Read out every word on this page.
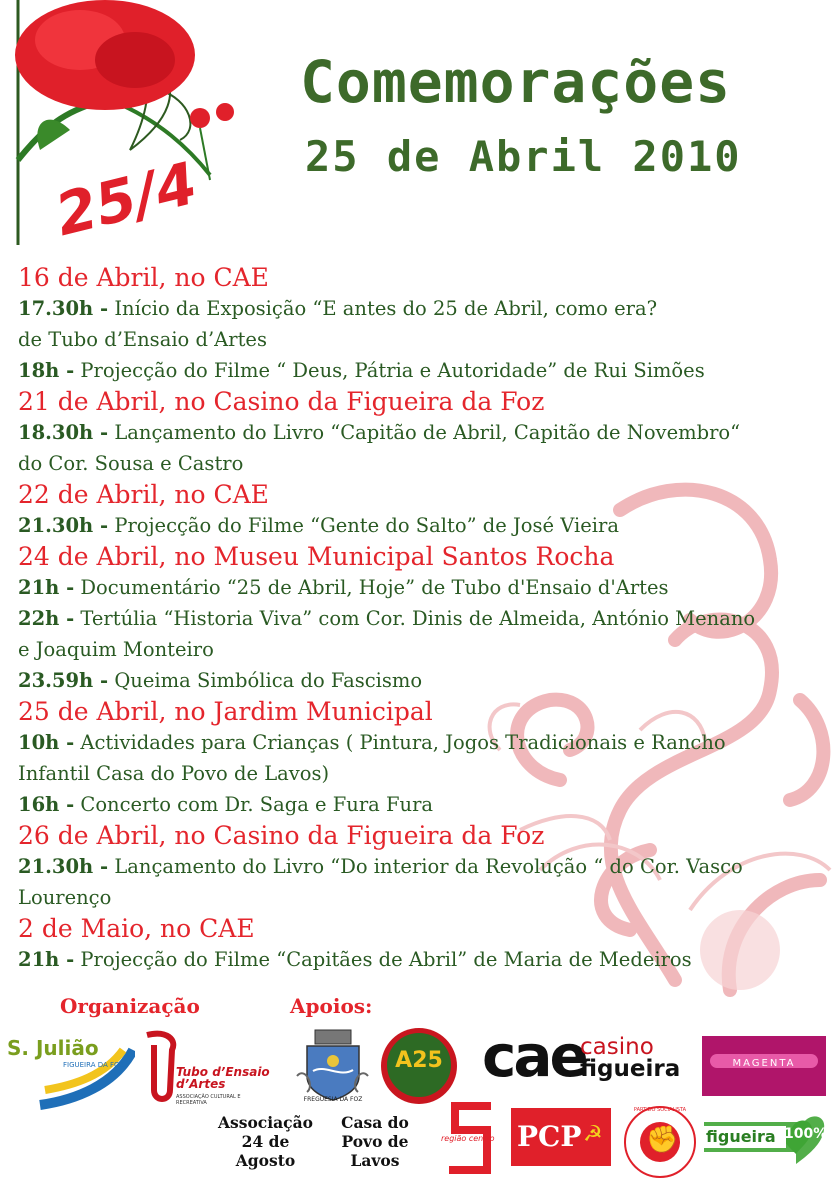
25/4
Comemorações
25 de Abril 2010
16 de Abril, no CAE
17.30h - Início da Exposição “E antes do 25 de Abril, como era?
de Tubo d’Ensaio d’Artes
18h - Projecção do Filme “ Deus, Pátria e Autoridade” de Rui Simões
21 de Abril, no Casino da Figueira da Foz
18.30h - Lançamento do Livro “Capitão de Abril, Capitão de Novembro“
do Cor. Sousa e Castro
22 de Abril, no CAE
21.30h - Projecção do Filme “Gente do Salto” de José Vieira
24 de Abril, no Museu Municipal Santos Rocha
21h - Documentário “25 de Abril, Hoje” de Tubo d'Ensaio d'Artes
22h - Tertúlia “Historia Viva” com Cor. Dinis de Almeida, António Menano
e Joaquim Monteiro
23.59h - Queima Simbólica do Fascismo
25 de Abril, no Jardim Municipal
10h - Actividades para Crianças ( Pintura, Jogos Tradicionais e Rancho
Infantil Casa do Povo de Lavos)
16h - Concerto com Dr. Saga e Fura Fura
26 de Abril, no Casino da Figueira da Foz
21.30h - Lançamento do Livro “Do interior da Revolução “ do Cor. Vasco
Lourenço
2 de Maio, no CAE
21h - Projecção do Filme “Capitães de Abril” de Maria de Medeiros
Organização	Apoios:
S. Julião
FIGUEIRA DA FOZ	Tubo d’Ensaio d’Artes
ASSOCIAÇÃO CULTURAL E RECREATIVA	FREGUESIA DA FOZ
A25 cae
casino
figueira	MAGENTA
Associação
24 de
Agosto
Casa do
Povo de
Lavos
região centro PCP ☭ ✊
PARTIDO SOCIALISTA
figueira 100%
